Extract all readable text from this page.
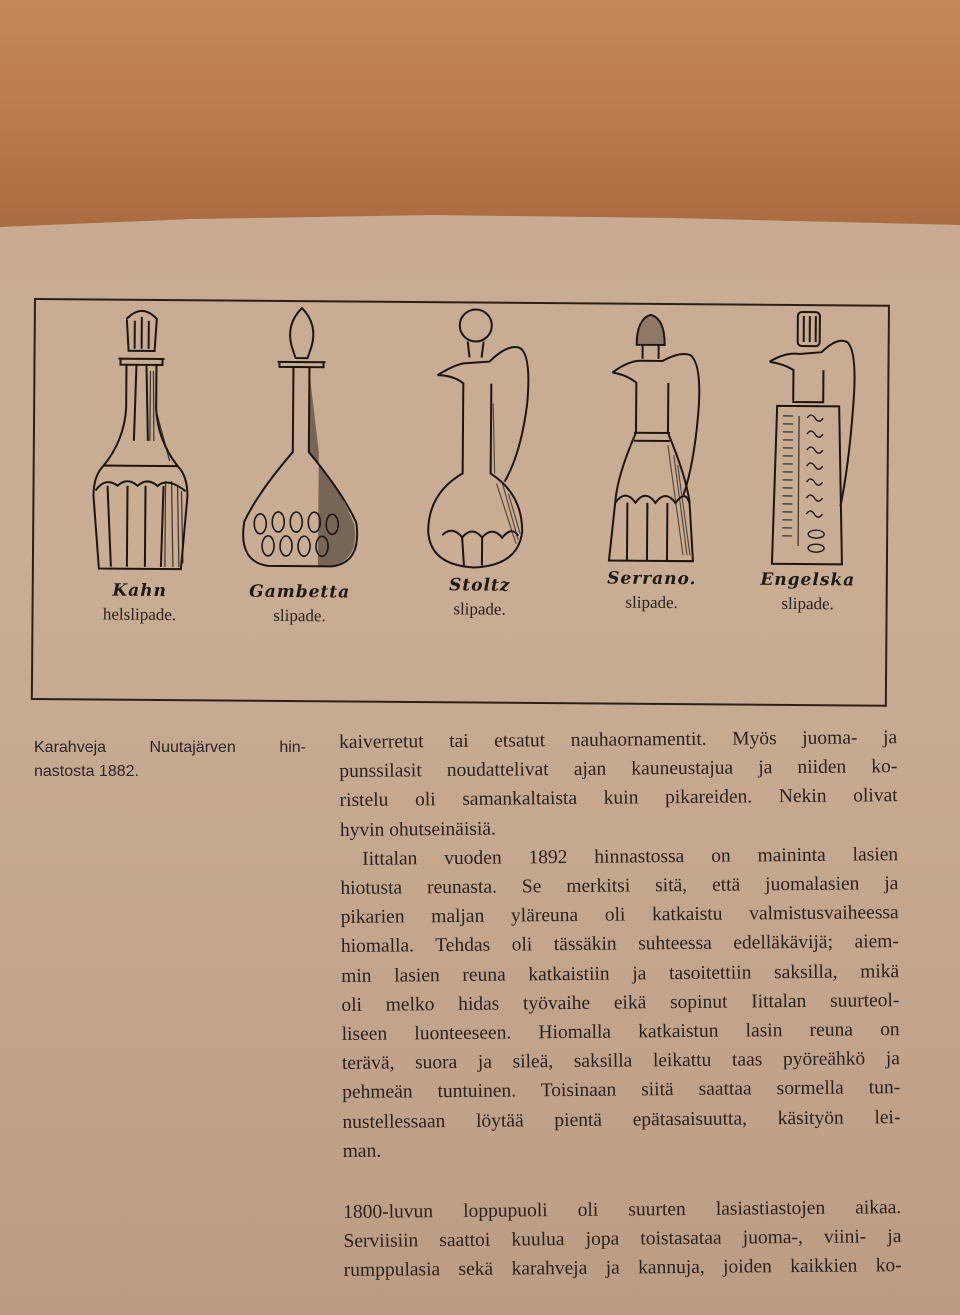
Kahn
helslipade.
Gambetta
slipade.
Stoltz
slipade.
Serrano.
slipade.
Engelska
slipade.
Karahveja Nuutajärven hin-
nastosta 1882.

kaiverretut tai etsatut nauhaornamentit. Myös juoma- ja
punssilasit noudattelivat ajan kauneustajua ja niiden ko-
ristelu oli samankaltaista kuin pikareiden. Nekin olivat
hyvin ohutseinäisiä.

Iittalan vuoden 1892 hinnastossa on maininta lasien
hiotusta reunasta. Se merkitsi sitä, että juomalasien ja
pikarien maljan yläreuna oli katkaistu valmistusvaiheessa
hiomalla. Tehdas oli tässäkin suhteessa edelläkävijä; aiem-
min lasien reuna katkaistiin ja tasoitettiin saksilla, mikä
oli melko hidas työvaihe eikä sopinut Iittalan suurteol-
liseen luonteeseen. Hiomalla katkaistun lasin reuna on
terävä, suora ja sileä, saksilla leikattu taas pyöreähkö ja
pehmeän tuntuinen. Toisinaan siitä saattaa sormella tun-
nustellessaan löytää pientä epätasaisuutta, käsityön lei-
man.

1800-luvun loppupuoli oli suurten lasiastiastojen aikaa.
Serviisiin saattoi kuulua jopa toistasataa juoma-, viini- ja
rumppulasia sekä karahveja ja kannuja, joiden kaikkien ko-
